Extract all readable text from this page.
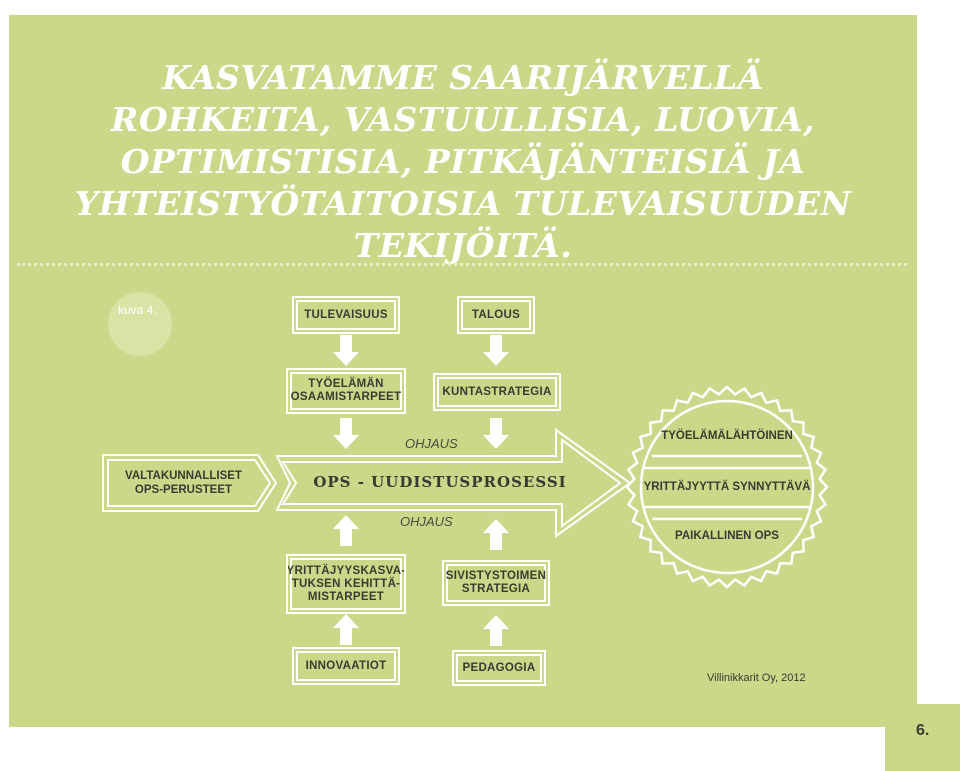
KASVATAMME SAARIJÄRVELLÄ
ROHKEITA, VASTUULLISIA, LUOVIA,
OPTIMISTISIA, PITKÄJÄNTEISIÄ JA
YHTEISTYÖTAITOISIA TULEVAISUUDEN
TEKIJÖITÄ.
kuva 4.	TULEVAISUUS	TALOUS
TYÖELÄMÄN OSAAMISTARPEET	KUNTASTRATEGIA
OHJAUS
VALTAKUNNALLISET OPS-PERUSTEET	OPS - UUDISTUSPROSESSI
OHJAUS
YRITTÄJYYSKASVA- TUKSEN KEHITTÄ- MISTARPEET
SIVISTYSTOIMEN STRATEGIA
INNOVAATIOT	PEDAGOGIA
TYÖELÄMÄLÄHTÖINEN
YRITTÄJYYTTÄ SYNNYTTÄVÄ
PAIKALLINEN OPS
Villinikkarit Oy, 2012
6.
